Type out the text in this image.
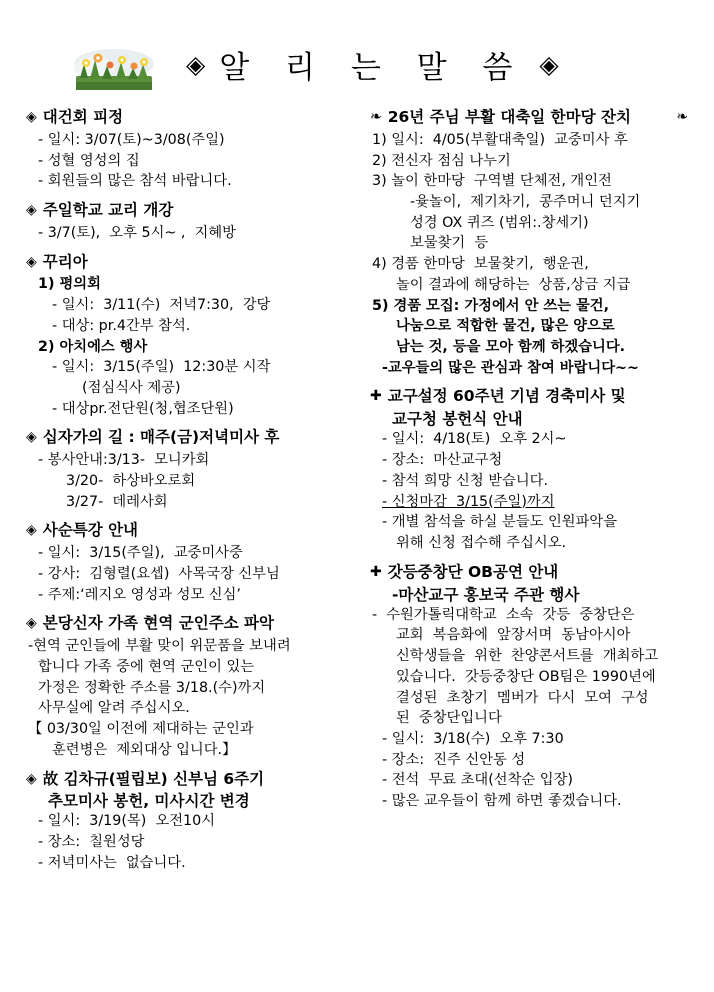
◈ 알 리 는 말 씀 ◈
◈ 대건회 피정
- 일시: 3/07(토)~3/08(주일)
- 성혈 영성의 집
- 회원들의 많은 참석 바랍니다.
◈ 주일학교 교리 개강
- 3/7(토),  오후 5시~ ,  지혜방
◈ 꾸리아
1) 평의회
- 일시:  3/11(수)  저녁7:30,  강당
- 대상: pr.4간부 참석.
2) 아치에스 행사
- 일시:  3/15(주일)  12:30분 시작
(점심식사 제공)
- 대상pr.전단원(청,협조단원)
◈ 십자가의 길 : 매주(금)저녁미사 후
- 봉사안내:3/13-  모니카회
3/20-  하상바오로회
3/27-  데레사회
◈ 사순특강 안내
- 일시:  3/15(주일),  교중미사중
- 강사:  김형렬(요셉)  사목국장 신부님
- 주제:‘레지오 영성과 성모 신심’
◈ 본당신자 가족 현역 군인주소 파악
-현역 군인들에 부활 맞이 위문품을 보내려
합니다 가족 중에 현역 군인이 있는
가정은 정확한 주소를 3/18.(수)까지
사무실에 알려 주십시오.
【 03/30일 이전에 제대하는 군인과
훈련병은  제외대상 입니다.】
◈ 故 김차규(필립보) 신부님 6주기
추모미사 봉헌, 미사시간 변경
- 일시:  3/19(목)  오전10시
- 장소:  칠원성당
- 저녁미사는  없습니다.
❧ 26년 주님 부활 대축일 한마당 잔치	❧
1) 일시:  4/05(부활대축일)  교중미사 후
2) 전신자 점심 나누기
3) 놀이 한마당  구역별 단체전, 개인전
-윷놀이,  제기차기,  콩주머니 던지기
성경 OX 퀴즈 (범위:.창세기)
보물찾기  등
4) 경품 한마당  보물찾기,  행운권,
놀이 결과에 해당하는  상품,상금 지급
5) 경품 모집: 가정에서 안 쓰는 물건,
나눔으로 적합한 물건, 많은 양으로
남는 것, 등을 모아 함께 하겠습니다.
-교우들의 많은 관심과 참여 바랍니다~~
✚ 교구설정 60주년 기념 경축미사 및
교구청 봉헌식 안내
- 일시:  4/18(토)  오후 2시~
- 장소:  마산교구청
- 참석 희망 신청 받습니다.
- 신청마감  3/15(주일)까지
- 개별 참석을 하실 분들도 인원파악을
위해 신청 접수해 주십시오.
✚ 갓등중창단 OB공연 안내
-마산교구 홍보국 주관 행사
-  수원가톨릭대학교  소속  갓등  중창단은
교회  복음화에  앞장서며  동남아시아
신학생들을  위한  찬양콘서트를  개최하고
있습니다.  갓등중창단 OB팀은 1990년에
결성된  초창기  멤버가  다시  모여  구성
된  중창단입니다
- 일시:  3/18(수)  오후 7:30
- 장소:  진주 신안동 성
- 전석  무료 초대(선착순 입장)
- 많은 교우들이 함께 하면 좋겠습니다.
